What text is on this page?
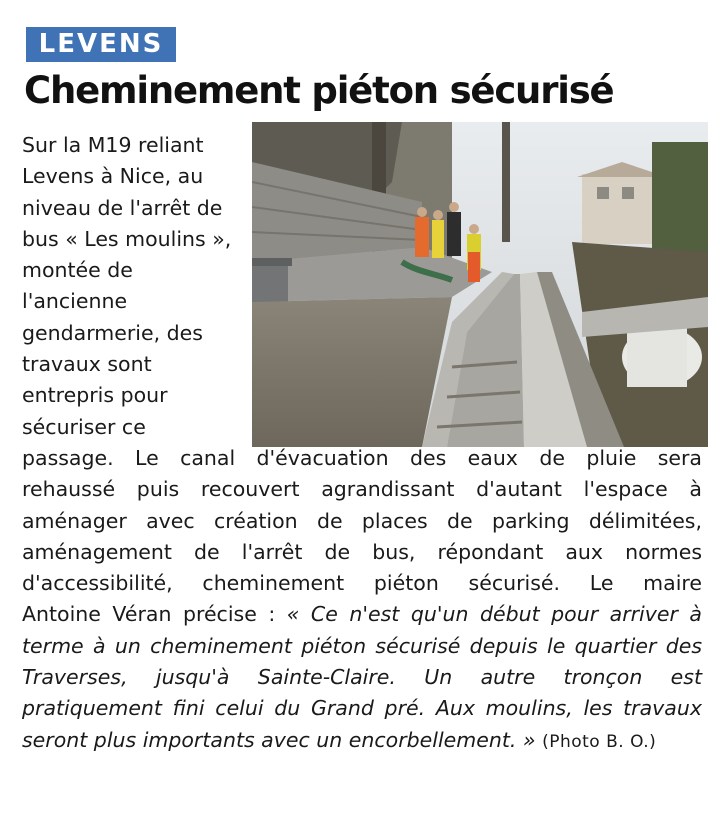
LEVENS
Cheminement piéton sécurisé
Sur la M19 reliant
Levens à Nice, au
niveau de l'arrêt de
bus « Les moulins »,
montée de
l'ancienne
gendarmerie, des
travaux sont
entrepris pour
sécuriser ce
passage. Le canal d'évacuation des eaux de pluie sera
rehaussé puis recouvert agrandissant d'autant l'espace à
aménager avec création de places de parking délimitées,
aménagement de l'arrêt de bus, répondant aux normes
d'accessibilité, cheminement piéton sécurisé. Le maire
Antoine Véran précise : « Ce n'est qu'un début pour arriver à
terme à un cheminement piéton sécurisé depuis le quartier des
Traverses, jusqu'à Sainte-Claire. Un autre tronçon est
pratiquement fini celui du Grand pré. Aux moulins, les travaux
seront plus importants avec un encorbellement. » (Photo B. O.)
